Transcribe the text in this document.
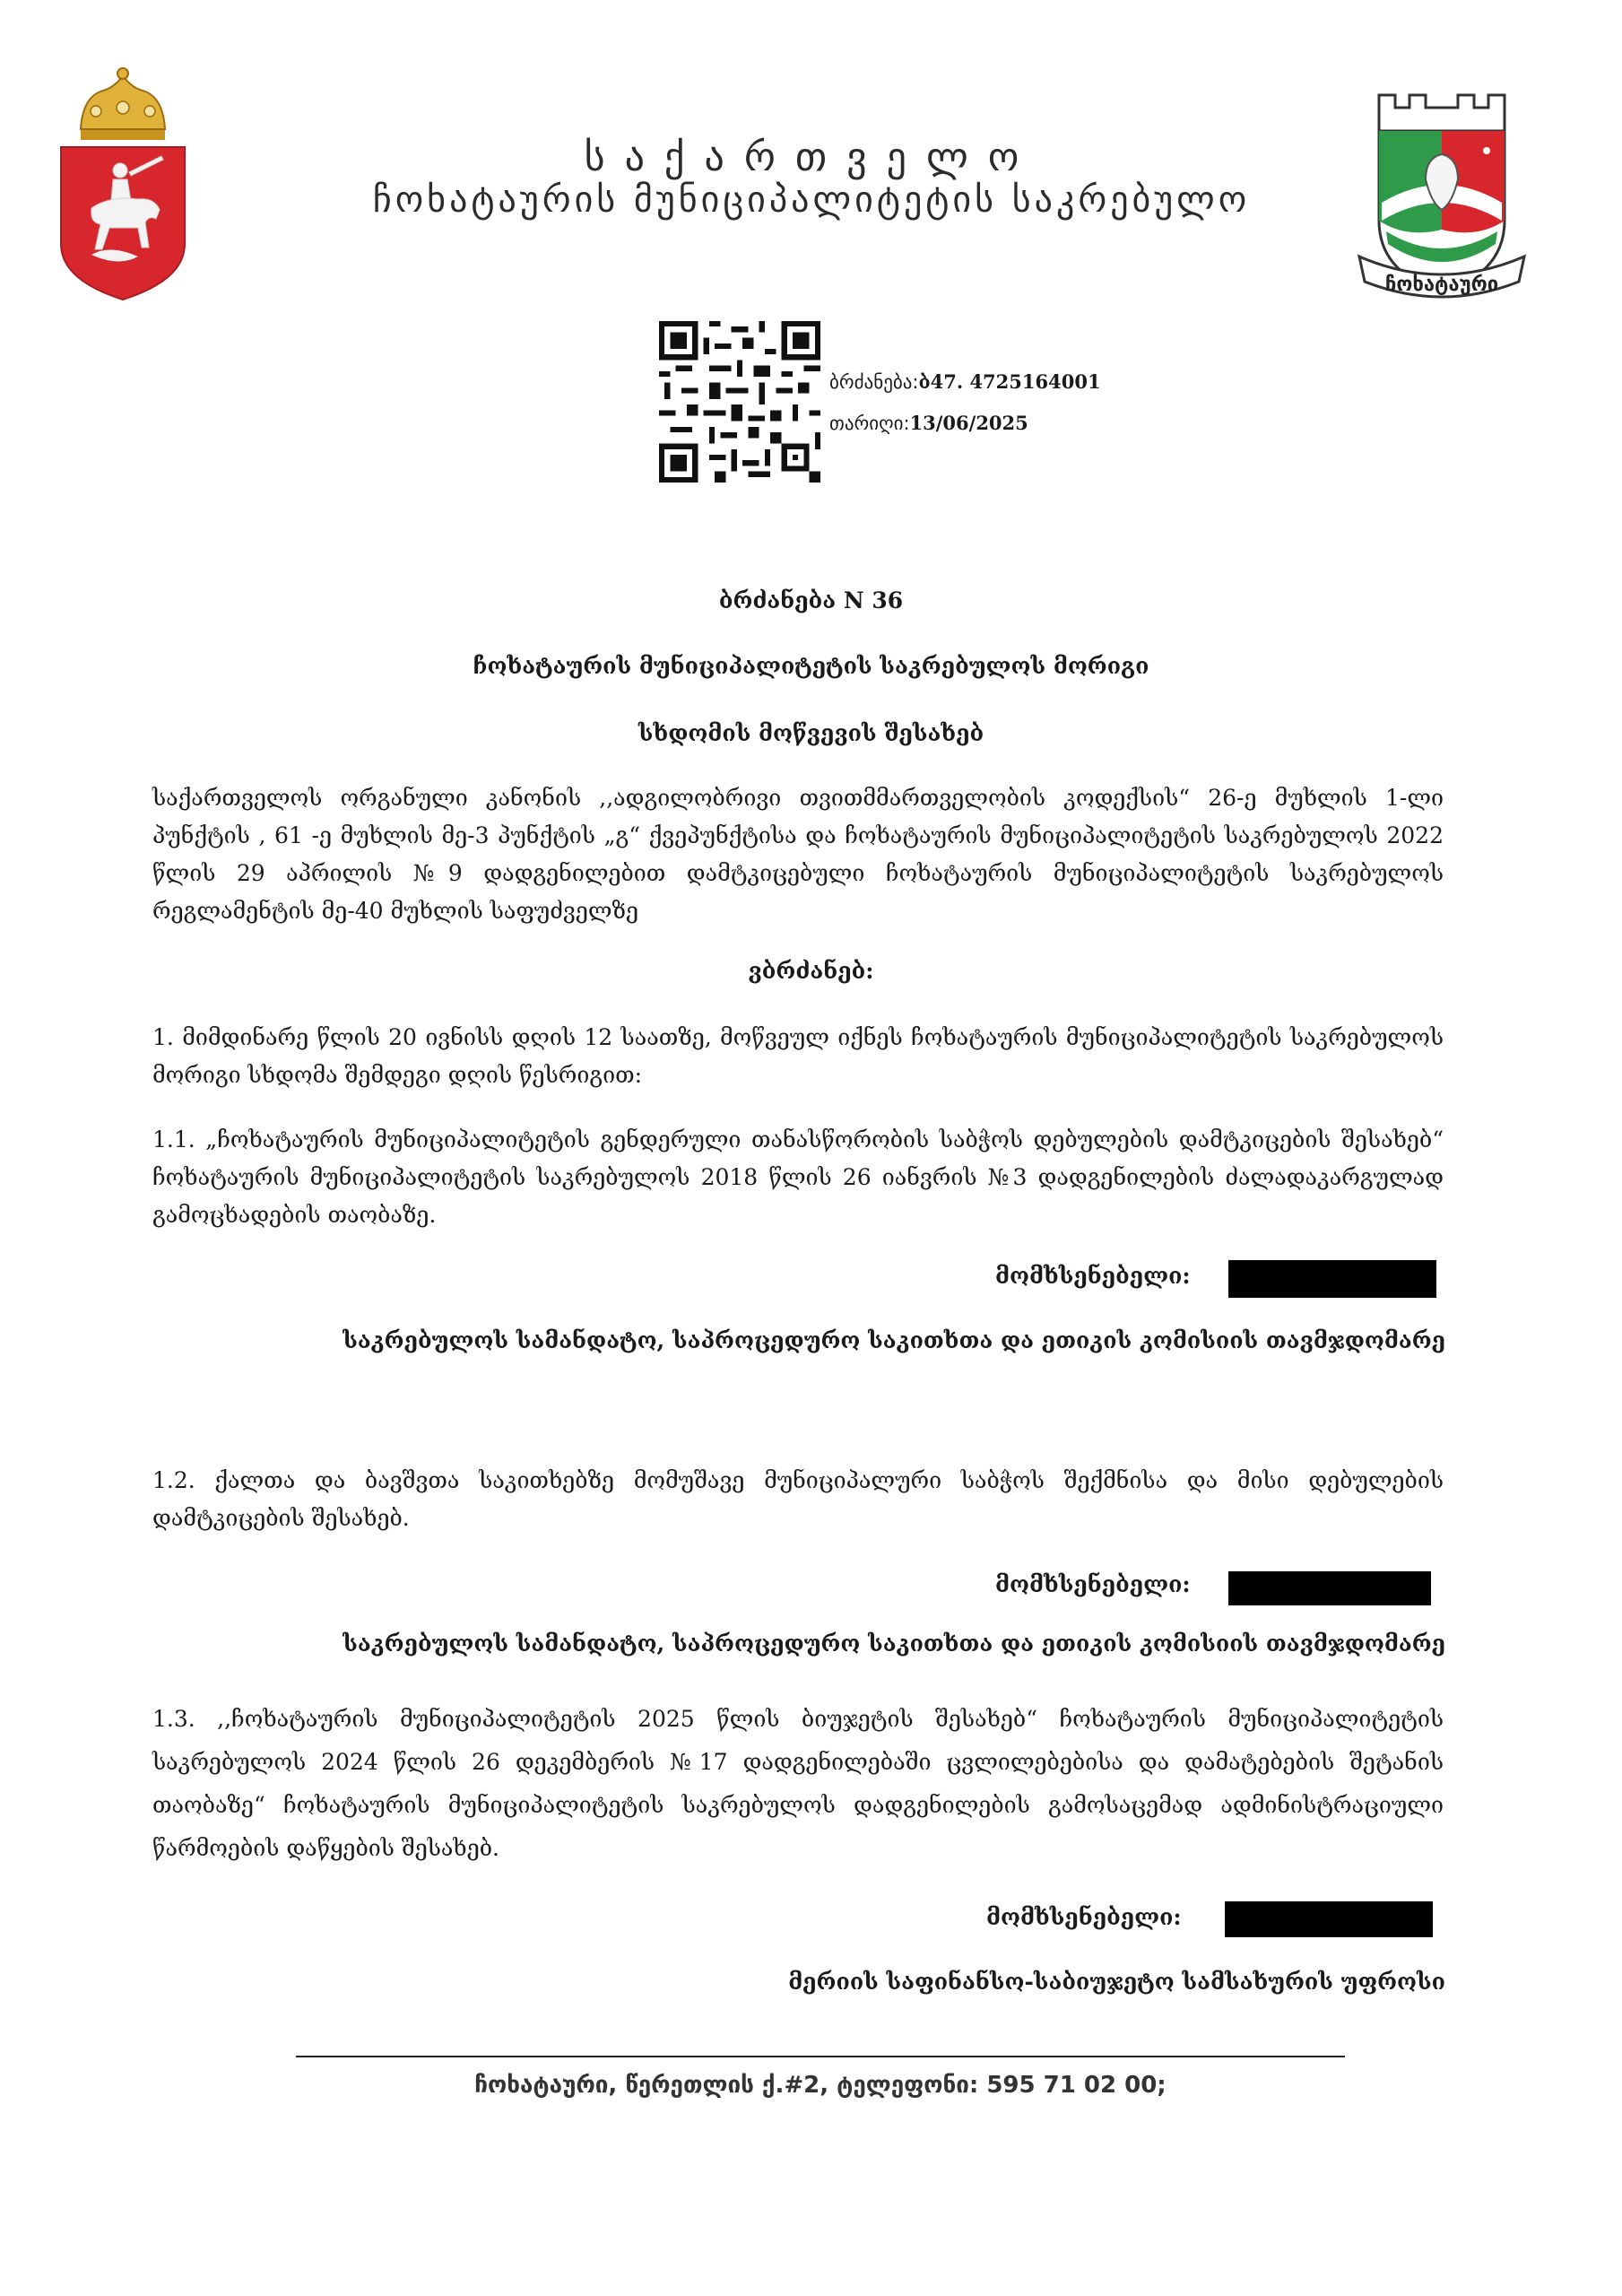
საქართველო
ჩოხატაურის მუნიციპალიტეტის საკრებულო
ჩოხატაური
ბრძანება:ბ47. 4725164001
თარიღი:13/06/2025
ბრძანება N 36
ჩოხატაურის მუნიციპალიტეტის საკრებულოს მორიგი
სხდომის მოწვევის შესახებ
საქართველოს ორგანული კანონის ,,ადგილობრივი თვითმმართველობის კოდექსის“ 26-ე მუხლის 1-ლი პუნქტის , 61 -ე მუხლის მე-3 პუნქტის „გ“ ქვეპუნქტისა და ჩოხატაურის მუნიციპალიტეტის საკრებულოს 2022 წლის 29 აპრილის №9 დადგენილებით დამტკიცებული ჩოხატაურის მუნიციპალიტეტის საკრებულოს რეგლამენტის მე-40 მუხლის საფუძველზე
ვბრძანებ:
1. მიმდინარე წლის 20 ივნისს დღის 12 საათზე, მოწვეულ იქნეს ჩოხატაურის მუნიციპალიტეტის საკრებულოს მორიგი სხდომა შემდეგი დღის წესრიგით:
1.1. „ჩოხატაურის მუნიციპალიტეტის გენდერული თანასწორობის საბჭოს დებულების დამტკიცების შესახებ“ ჩოხატაურის მუნიციპალიტეტის საკრებულოს 2018 წლის 26 იანვრის №3 დადგენილების ძალადაკარგულად გამოცხადების თაობაზე.
მომხსენებელი:
საკრებულოს სამანდატო, საპროცედურო საკითხთა და ეთიკის კომისიის თავმჯდომარე
1.2. ქალთა და ბავშვთა საკითხებზე მომუშავე მუნიციპალური საბჭოს შექმნისა და მისი დებულების დამტკიცების შესახებ.
მომხსენებელი:
საკრებულოს სამანდატო, საპროცედურო საკითხთა და ეთიკის კომისიის თავმჯდომარე
1.3. ,,ჩოხატაურის მუნიციპალიტეტის 2025 წლის ბიუჯეტის შესახებ“ ჩოხატაურის მუნიციპალიტეტის საკრებულოს 2024 წლის 26 დეკემბერის №17 დადგენილებაში ცვლილებებისა და დამატებების შეტანის თაობაზე“ ჩოხატაურის მუნიციპალიტეტის საკრებულოს დადგენილების გამოსაცემად ადმინისტრაციული წარმოების დაწყების შესახებ.
მომხსენებელი:
მერიის საფინანსო-საბიუჯეტო სამსახურის უფროსი
ჩოხატაური, წერეთლის ქ.#2, ტელეფონი: 595 71 02 00;
